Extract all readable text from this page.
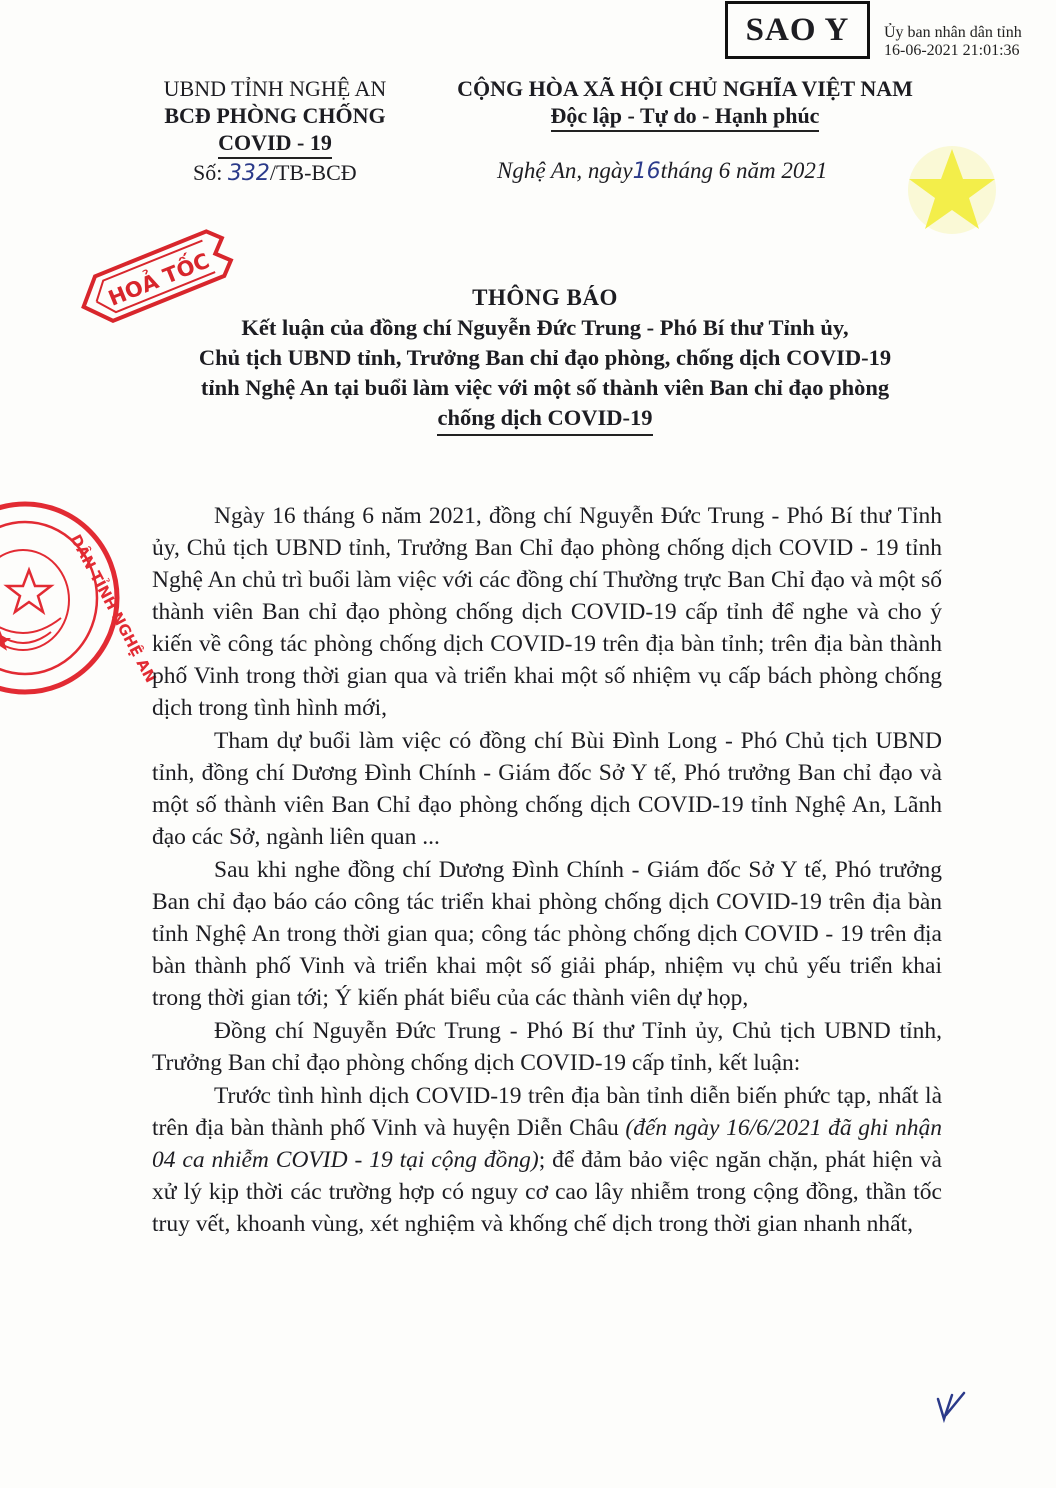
SAO Y	Ủy ban nhân dân tỉnh
16-06-2021 21:01:36
UBND TỈNH NGHỆ AN
BCĐ PHÒNG CHỐNG
COVID - 19
Số: 332/TB-BCĐ
CỘNG HÒA XÃ HỘI CHỦ NGHĨA VIỆT NAM
Độc lập - Tự do - Hạnh phúc
Nghệ An, ngày16tháng 6 năm 2021
HOẢ TỐC
DÂN TỈNH NGHỆ AN
THÔNG BÁO
Kết luận của đồng chí Nguyễn Đức Trung - Phó Bí thư Tỉnh ủy,
Chủ tịch UBND tỉnh, Trưởng Ban chỉ đạo phòng, chống dịch COVID-19
tỉnh Nghệ An tại buổi làm việc với một số thành viên Ban chỉ đạo phòng
chống dịch COVID-19

Ngày 16 tháng 6 năm 2021, đồng chí Nguyễn Đức Trung - Phó Bí thư Tỉnh ủy, Chủ tịch UBND tỉnh, Trưởng Ban Chỉ đạo phòng chống dịch COVID - 19 tỉnh Nghệ An chủ trì buổi làm việc với các đồng chí Thường trực Ban Chỉ đạo và một số thành viên Ban chỉ đạo phòng chống dịch COVID-19 cấp tỉnh để nghe và cho ý kiến về công tác phòng chống dịch COVID-19 trên địa bàn tỉnh; trên địa bàn thành phố Vinh trong thời gian qua và triển khai một số nhiệm vụ cấp bách phòng chống dịch trong tình hình mới,

Tham dự buổi làm việc có đồng chí Bùi Đình Long - Phó Chủ tịch UBND tỉnh, đồng chí Dương Đình Chính - Giám đốc Sở Y tế, Phó trưởng Ban chỉ đạo và một số thành viên Ban Chỉ đạo phòng chống dịch COVID-19 tỉnh Nghệ An, Lãnh đạo các Sở, ngành liên quan ...

Sau khi nghe đồng chí Dương Đình Chính - Giám đốc Sở Y tế, Phó trưởng Ban chỉ đạo báo cáo công tác triển khai phòng chống dịch COVID-19 trên địa bàn tỉnh Nghệ An trong thời gian qua; công tác phòng chống dịch COVID - 19 trên địa bàn thành phố Vinh và triển khai một số giải pháp, nhiệm vụ chủ yếu triển khai trong thời gian tới; Ý kiến phát biểu của các thành viên dự họp,

Đồng chí Nguyễn Đức Trung - Phó Bí thư Tỉnh ủy, Chủ tịch UBND tỉnh, Trưởng Ban chỉ đạo phòng chống dịch COVID-19 cấp tỉnh, kết luận:

Trước tình hình dịch COVID-19 trên địa bàn tỉnh diễn biến phức tạp, nhất là trên địa bàn thành phố Vinh và huyện Diễn Châu (đến ngày 16/6/2021 đã ghi nhận 04 ca nhiễm COVID - 19 tại cộng đồng); để đảm bảo việc ngăn chặn, phát hiện và xử lý kịp thời các trường hợp có nguy cơ cao lây nhiễm trong cộng đồng, thần tốc truy vết, khoanh vùng, xét nghiệm và khống chế dịch trong thời gian nhanh nhất,
